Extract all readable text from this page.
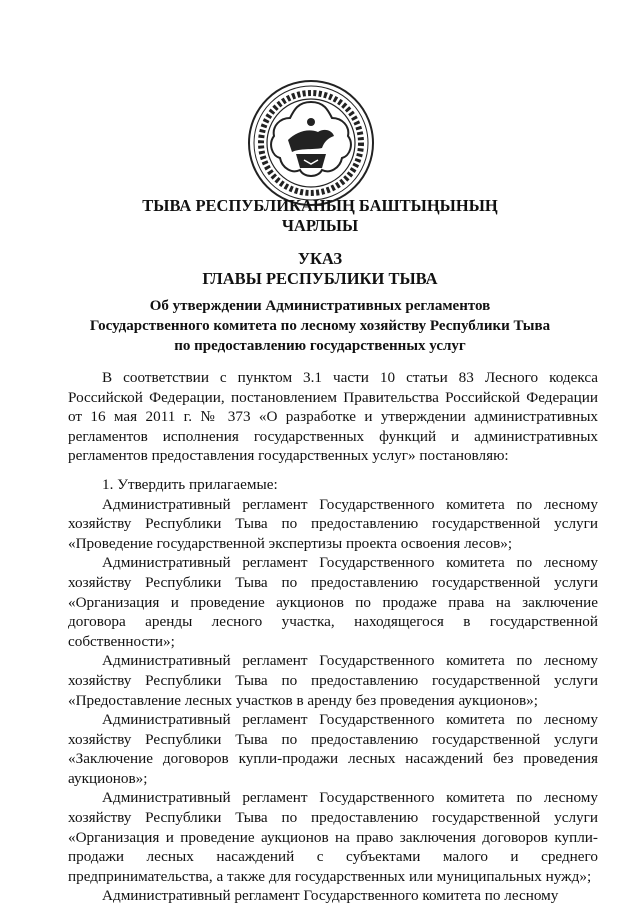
ТЫВА РЕСПУБЛИКАНЫҢ БАШТЫҢЫНЫҢ
ЧАРЛЫЫ
УКАЗ
ГЛАВЫ РЕСПУБЛИКИ ТЫВА
Об утверждении Административных регламентов
Государственного комитета по лесному хозяйству Республики Тыва
по предоставлению государственных услуг

В соответствии с пунктом 3.1 части 10 статьи 83 Лесного кодекса Российской Федерации, постановлением Правительства Российской Федерации от 16 мая 2011 г. № 373 «О разработке и утверждении административных регламентов исполнения государственных функций и административных регламентов предоставления государственных услуг» постановляю:

1. Утвердить прилагаемые:

Административный регламент Государственного комитета по лесному хозяйству Республики Тыва по предоставлению государственной услуги «Проведение государственной экспертизы проекта освоения лесов»;

Административный регламент Государственного комитета по лесному хозяйству Республики Тыва по предоставлению государственной услуги «Организация и проведение аукционов по продаже права на заключение договора аренды лесного участка, находящегося в государственной собственности»;

Административный регламент Государственного комитета по лесному хозяйству Республики Тыва по предоставлению государственной услуги «Предоставление лесных участков в аренду без проведения аукционов»;

Административный регламент Государственного комитета по лесному хозяйству Республики Тыва по предоставлению государственной услуги «Заключение договоров купли-продажи лесных насаждений без проведения аукционов»;

Административный регламент Государственного комитета по лесному хозяйству Республики Тыва по предоставлению государственной услуги «Организация и проведение аукционов на право заключения договоров купли-продажи лесных насаждений с субъектами малого и среднего предпринимательства, а также для государственных или муниципальных нужд»;

Административный регламент Государственного комитета по лесному
